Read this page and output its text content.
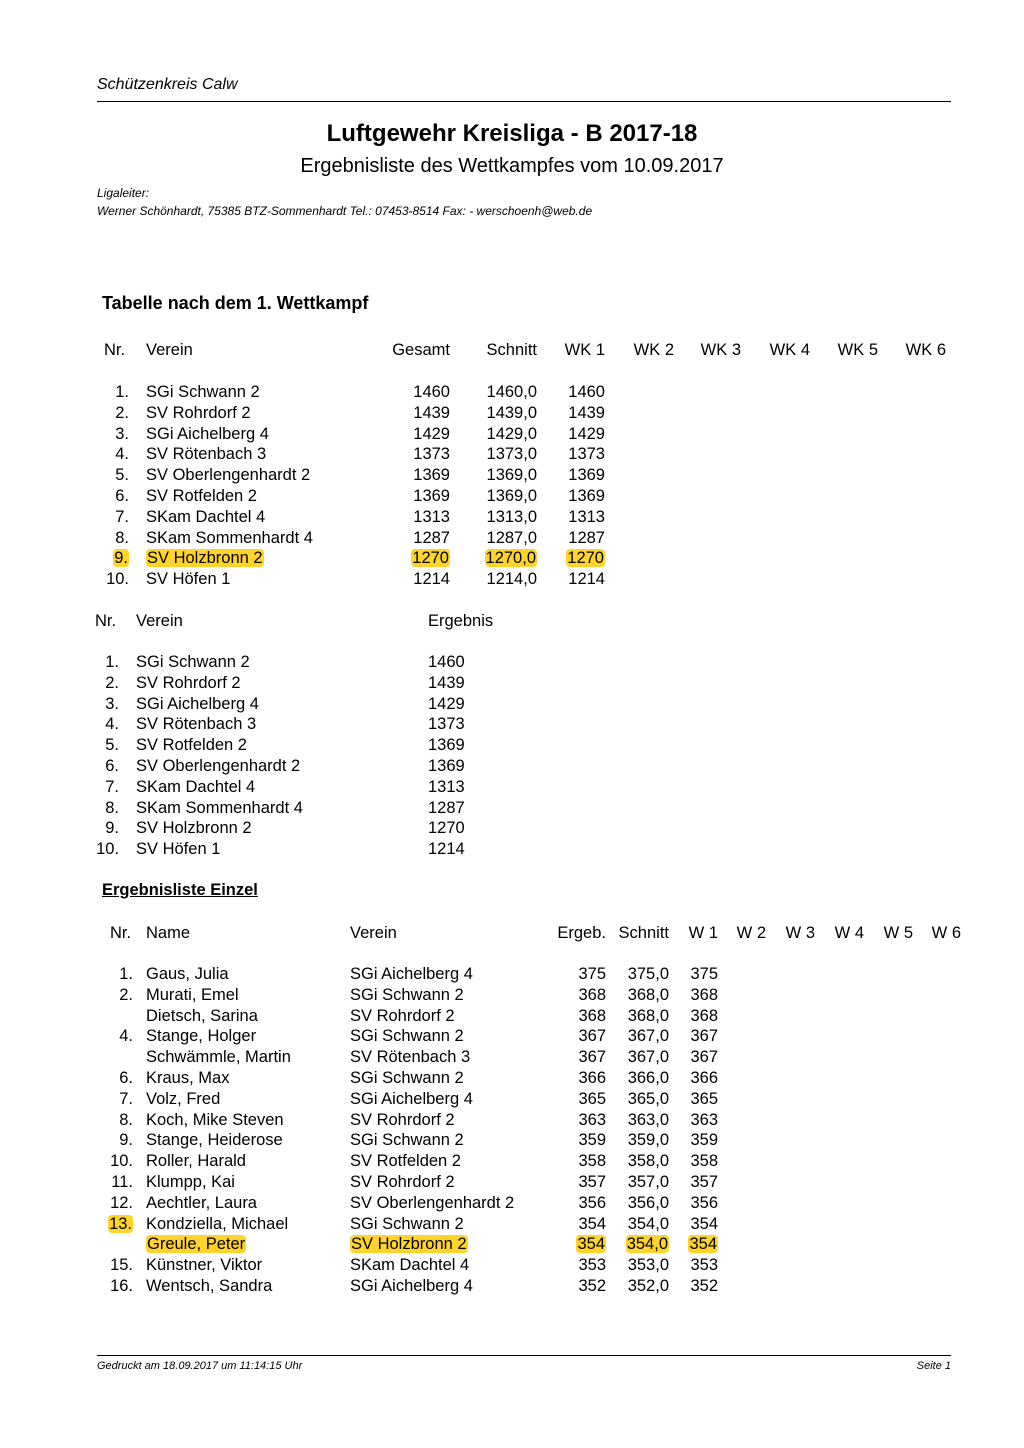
Schützenkreis Calw
Luftgewehr Kreisliga - B 2017-18
Ergebnisliste des Wettkampfes vom 10.09.2017
Ligaleiter:
Werner Schönhardt, 75385 BTZ-Sommenhardt Tel.: 07453-8514 Fax: - werschoenh@web.de
Tabelle nach dem 1. Wettkampf
Nr. Verein	Gesamt Schnitt WK 1 WK 2 WK 3 WK 4 WK 5 WK 6
1. SGi Schwann 2	1460 1460,0 1460
2. SV Rohrdorf 2	1439 1439,0 1439
3. SGi Aichelberg 4	1429 1429,0 1429
4. SV Rötenbach 3	1373 1373,0 1373
5. SV Oberlengenhardt 2	1369 1369,0 1369
6. SV Rotfelden 2	1369 1369,0 1369
7. SKam Dachtel 4	1313 1313,0 1313
8. SKam Sommenhardt 4	1287 1287,0 1287
9. SV Holzbronn 2	1270 1270,0 1270
10. SV Höfen 1	1214 1214,0 1214
Nr. Verein	Ergebnis
1. SGi Schwann 2	1460
2. SV Rohrdorf 2	1439
3. SGi Aichelberg 4	1429
4. SV Rötenbach 3	1373
5. SV Rotfelden 2	1369
6. SV Oberlengenhardt 2	1369
7. SKam Dachtel 4	1313
8. SKam Sommenhardt 4	1287
9. SV Holzbronn 2	1270
10. SV Höfen 1	1214
Ergebnisliste Einzel
Nr. Name	Verein	Ergeb. Schnitt W 1 W 2 W 3 W 4 W 5 W 6
1. Gaus, Julia	SGi Aichelberg 4	375 375,0 375
2. Murati, Emel	SGi Schwann 2	368 368,0 368
Dietsch, Sarina	SV Rohrdorf 2	368 368,0 368
4. Stange, Holger	SGi Schwann 2	367 367,0 367
Schwämmle, Martin	SV Rötenbach 3	367 367,0 367
6. Kraus, Max	SGi Schwann 2	366 366,0 366
7. Volz, Fred	SGi Aichelberg 4	365 365,0 365
8. Koch, Mike Steven	SV Rohrdorf 2	363 363,0 363
9. Stange, Heiderose	SGi Schwann 2	359 359,0 359
10. Roller, Harald	SV Rotfelden 2	358 358,0 358
11. Klumpp, Kai	SV Rohrdorf 2	357 357,0 357
12. Aechtler, Laura	SV Oberlengenhardt 2	356 356,0 356
13. Kondziella, Michael	SGi Schwann 2	354 354,0 354
Greule, Peter	SV Holzbronn 2	354 354,0 354
15. Künstner, Viktor	SKam Dachtel 4	353 353,0 353
16. Wentsch, Sandra	SGi Aichelberg 4	352 352,0 352
Gedruckt am 18.09.2017 um 11:14:15 Uhr	Seite 1
